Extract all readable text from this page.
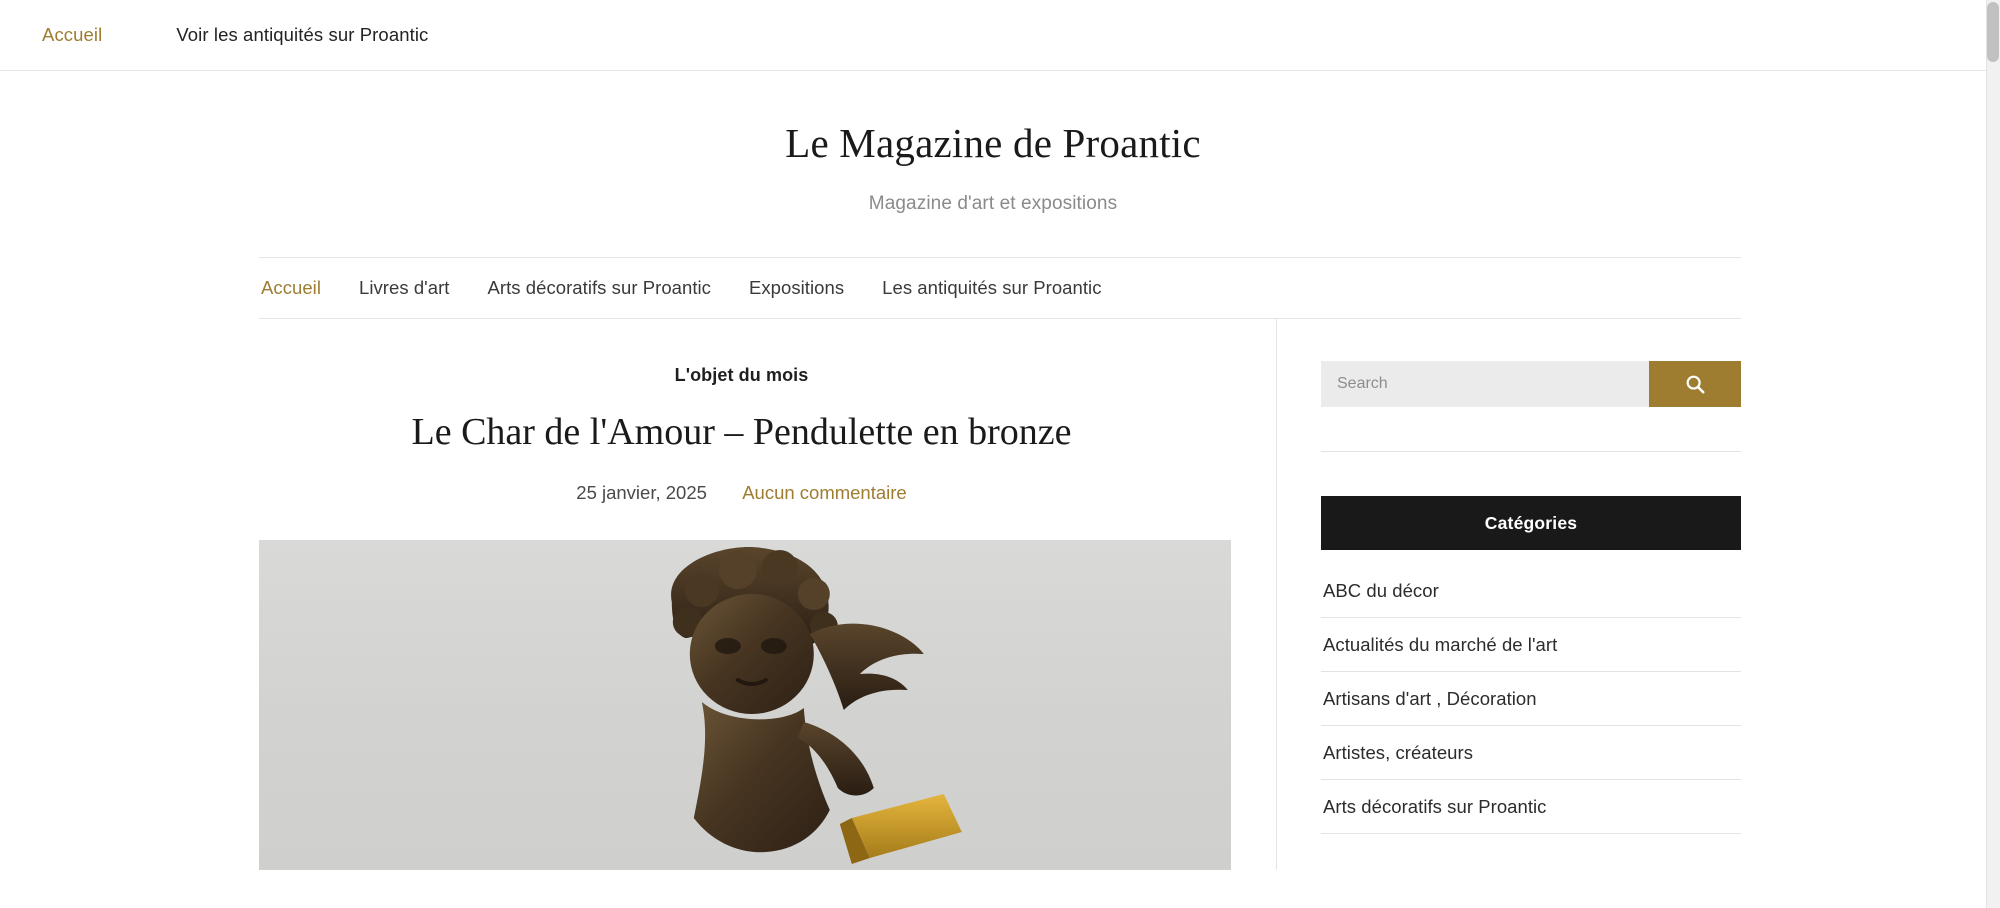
Accueil	Voir les antiquités sur Proantic
Le Magazine de Proantic
Magazine d'art et expositions
Accueil Livres d'art Arts décoratifs sur Proantic Expositions Les antiquités sur Proantic
L'objet du mois
Le Char de l'Amour – Pendulette en bronze
25 janvier, 2025 Aucun commentaire
Search
Catégories
ABC du décor
Actualités du marché de l'art
Artisans d'art , Décoration
Artistes, créateurs
Arts décoratifs sur Proantic
